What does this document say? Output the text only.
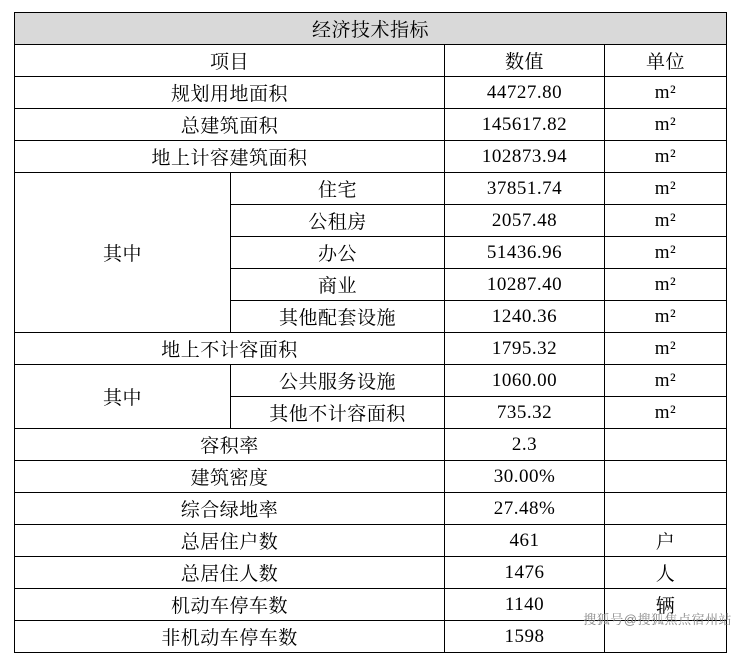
经济技术指标			
项目		数值	单位
规划用地面积		44727.80	m²
总建筑面积		145617.82	m²
地上计容建筑面积		102873.94	m²
其中	住宅	37851.74	m²
	公租房	2057.48	m²
	办公	51436.96	m²
	商业	10287.40	m²
	其他配套设施	1240.36	m²
地上不计容面积		1795.32	m²
其中	公共服务设施	1060.00	m²
	其他不计容面积	735.32	m²
容积率		2.3	
建筑密度		30.00%	
综合绿地率		27.48%	
总居住户数		461	户
总居住人数		1476	人
机动车停车数		1140	辆
非机动车停车数		1598	
搜狐号@搜狐焦点宿州站
